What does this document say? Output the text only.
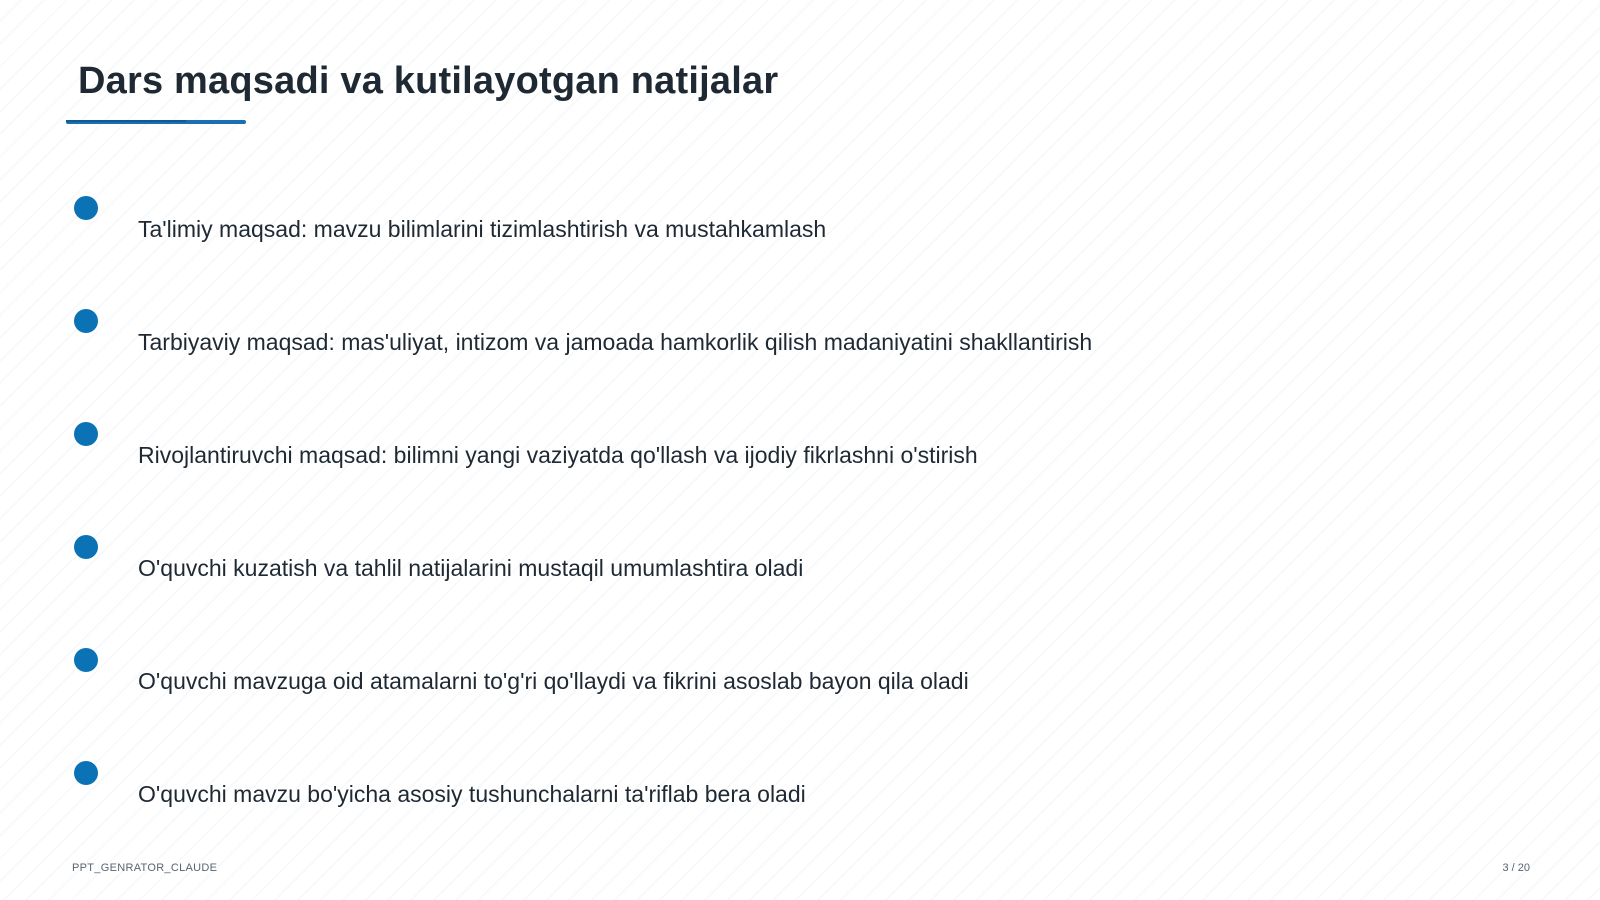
Dars maqsadi va kutilayotgan natijalar
Ta'limiy maqsad: mavzu bilimlarini tizimlashtirish va mustahkamlash
Tarbiyaviy maqsad: mas'uliyat, intizom va jamoada hamkorlik qilish madaniyatini shakllantirish
Rivojlantiruvchi maqsad: bilimni yangi vaziyatda qo'llash va ijodiy fikrlashni o'stirish
O'quvchi kuzatish va tahlil natijalarini mustaqil umumlashtira oladi
O'quvchi mavzuga oid atamalarni to'g'ri qo'llaydi va fikrini asoslab bayon qila oladi
O'quvchi mavzu bo'yicha asosiy tushunchalarni ta'riflab bera oladi
PPT_GENRATOR_CLAUDE	3 / 20
